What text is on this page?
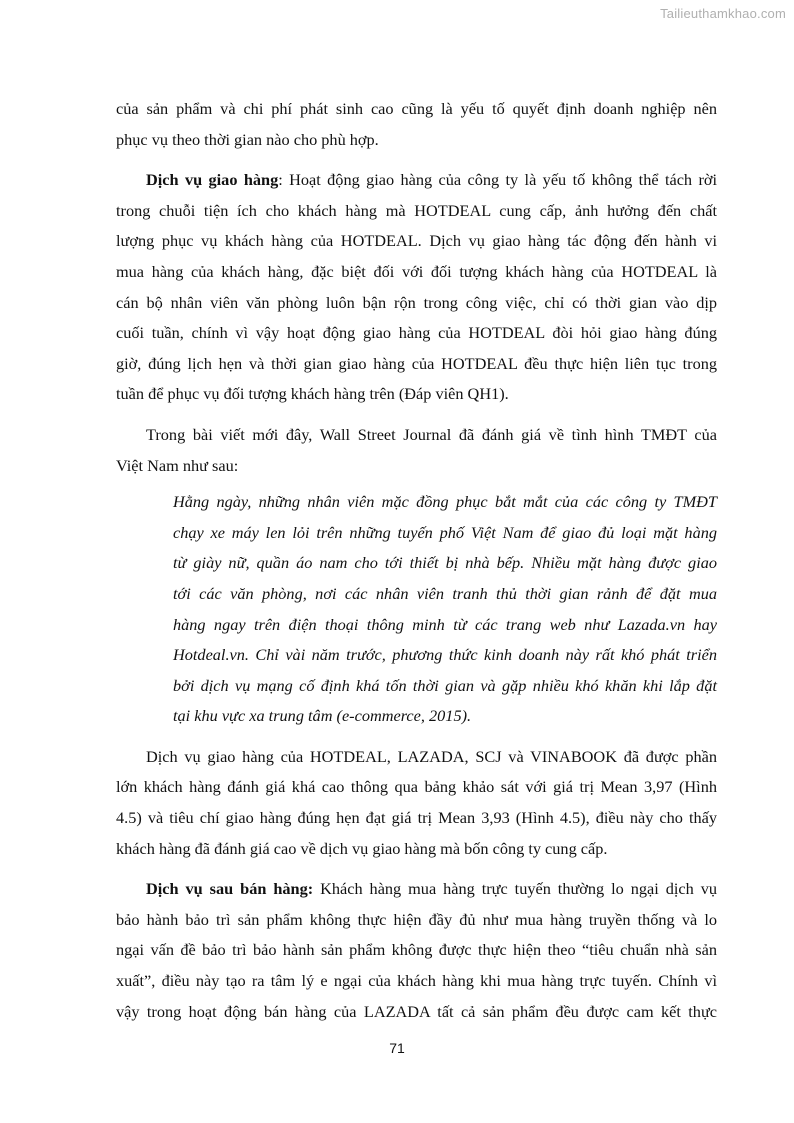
Tailieuthamkhao.com
của sản phẩm và chi phí phát sinh cao cũng là yếu tố quyết định doanh nghiệp nên
phục vụ theo thời gian nào cho phù hợp.
Dịch vụ giao hàng: Hoạt động giao hàng của công ty là yếu tố không thể tách rời
trong chuỗi tiện ích cho khách hàng mà HOTDEAL cung cấp, ảnh hưởng đến chất
lượng phục vụ khách hàng của HOTDEAL. Dịch vụ giao hàng tác động đến hành vi
mua hàng của khách hàng, đặc biệt đối với đối tượng khách hàng của HOTDEAL là
cán bộ nhân viên văn phòng luôn bận rộn trong công việc, chỉ có thời gian vào dịp
cuối tuần, chính vì vậy hoạt động giao hàng của HOTDEAL đòi hỏi giao hàng đúng
giờ, đúng lịch hẹn và thời gian giao hàng của HOTDEAL đều thực hiện liên tục trong
tuần để phục vụ đối tượng khách hàng trên (Đáp viên QH1).
Trong bài viết mới đây, Wall Street Journal đã đánh giá về tình hình TMĐT của
Việt Nam như sau:
Hằng ngày, những nhân viên mặc đồng phục bắt mắt của các công ty TMĐT
chạy xe máy len lỏi trên những tuyến phố Việt Nam để giao đủ loại mặt hàng
từ giày nữ, quần áo nam cho tới thiết bị nhà bếp. Nhiều mặt hàng được giao
tới các văn phòng, nơi các nhân viên tranh thủ thời gian rảnh để đặt mua
hàng ngay trên điện thoại thông minh từ các trang web như Lazada.vn hay
Hotdeal.vn. Chỉ vài năm trước, phương thức kinh doanh này rất khó phát triển
bởi dịch vụ mạng cố định khá tốn thời gian và gặp nhiều khó khăn khi lắp đặt
tại khu vực xa trung tâm (e-commerce, 2015).
Dịch vụ giao hàng của HOTDEAL, LAZADA, SCJ và VINABOOK đã được phần
lớn khách hàng đánh giá khá cao thông qua bảng khảo sát với giá trị Mean 3,97 (Hình
4.5) và tiêu chí giao hàng đúng hẹn đạt giá trị Mean 3,93 (Hình 4.5), điều này cho thấy
khách hàng đã đánh giá cao về dịch vụ giao hàng mà bốn công ty cung cấp.
Dịch vụ sau bán hàng: Khách hàng mua hàng trực tuyến thường lo ngại dịch vụ
bảo hành bảo trì sản phẩm không thực hiện đầy đủ như mua hàng truyền thống và lo
ngại vấn đề bảo trì bảo hành sản phẩm không được thực hiện theo “tiêu chuẩn nhà sản
xuất”, điều này tạo ra tâm lý e ngại của khách hàng khi mua hàng trực tuyến. Chính vì
vậy trong hoạt động bán hàng của LAZADA tất cả sản phẩm đều được cam kết thực
71
